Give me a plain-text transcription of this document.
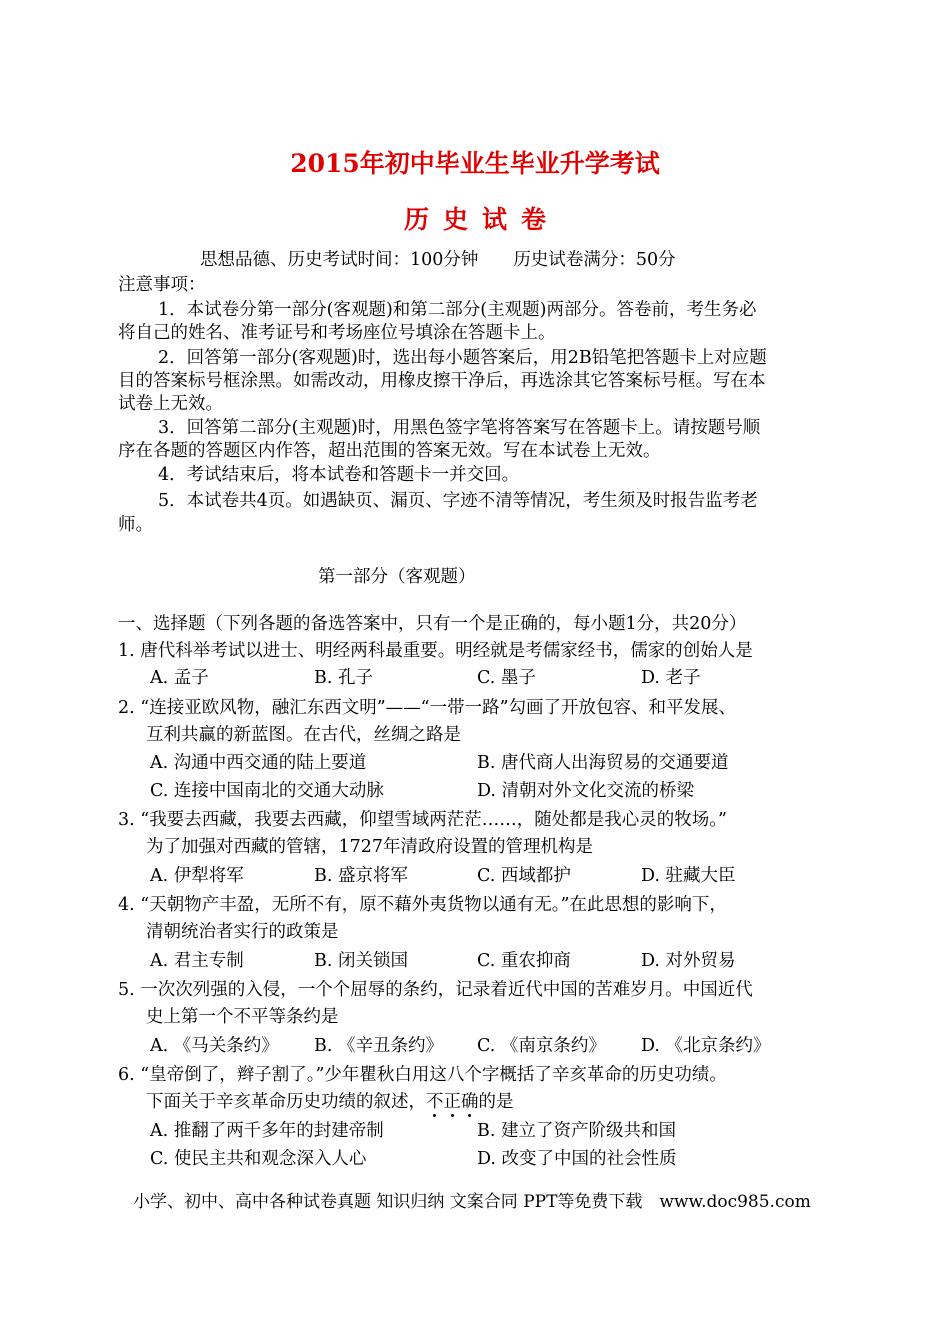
2015年初中毕业生毕业升学考试
历史试卷
思想品德、历史考试时间：100分钟　　历史试卷满分：50分
注意事项：
1．本试卷分第一部分(客观题)和第二部分(主观题)两部分。答卷前，考生务必
将自己的姓名、准考证号和考场座位号填涂在答题卡上。
2．回答第一部分(客观题)时，选出每小题答案后，用2B铅笔把答题卡上对应题
目的答案标号框涂黑。如需改动，用橡皮擦干净后，再选涂其它答案标号框。写在本
试卷上无效。
3．回答第二部分(主观题)时，用黑色签字笔将答案写在答题卡上。请按题号顺
序在各题的答题区内作答，超出范围的答案无效。写在本试卷上无效。
4．考试结束后，将本试卷和答题卡一并交回。
5．本试卷共4页。如遇缺页、漏页、字迹不清等情况，考生须及时报告监考老
师。
第一部分（客观题）
一、选择题（下列各题的备选答案中，只有一个是正确的，每小题1分，共20分）
1. 唐代科举考试以进士、明经两科最重要。明经就是考儒家经书，儒家的创始人是
A. 孟子	B. 孔子	C. 墨子	D. 老子
2. “连接亚欧风物，融汇东西文明”——“一带一路”勾画了开放包容、和平发展、
互利共赢的新蓝图。在古代，丝绸之路是
A. 沟通中西交通的陆上要道	B. 唐代商人出海贸易的交通要道
C. 连接中国南北的交通大动脉	D. 清朝对外文化交流的桥梁
3. “我要去西藏，我要去西藏，仰望雪域两茫茫……，随处都是我心灵的牧场。”
为了加强对西藏的管辖，1727年清政府设置的管理机构是
A. 伊犁将军	B. 盛京将军	C. 西域都护	D. 驻藏大臣
4. “天朝物产丰盈，无所不有，原不藉外夷货物以通有无。”在此思想的影响下，
清朝统治者实行的政策是
A. 君主专制	B. 闭关锁国	C. 重农抑商	D. 对外贸易
5. 一次次列强的入侵，一个个屈辱的条约，记录着近代中国的苦难岁月。中国近代
史上第一个不平等条约是
A. 《马关条约》 B. 《辛丑条约》 C. 《南京条约》 D. 《北京条约》
6. “皇帝倒了，辫子割了。”少年瞿秋白用这八个字概括了辛亥革命的历史功绩。
下面关于辛亥革命历史功绩的叙述，不正确的是
A. 推翻了两千多年的封建帝制	B. 建立了资产阶级共和国
C. 使民主共和观念深入人心	D. 改变了中国的社会性质
小学、初中、高中各种试卷真题 知识归纳 文案合同 PPT等免费下载　www.doc985.com
